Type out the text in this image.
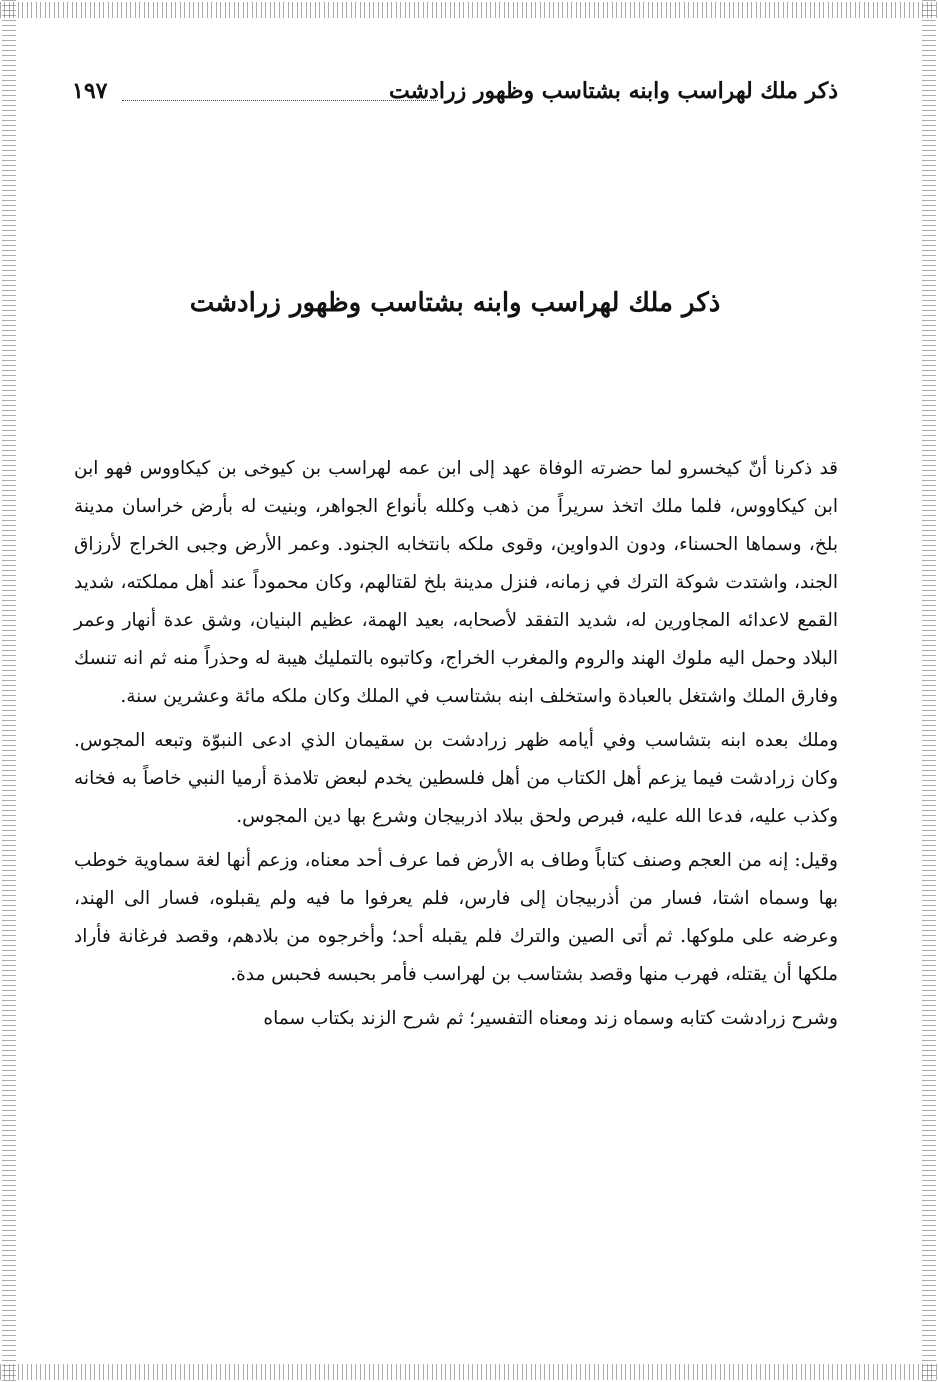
ذكر ملك لهراسب وابنه بشتاسب وظهور زرادشت
١٩٧
ذكر ملك لهراسب وابنه بشتاسب وظهور زرادشت

قد ذكرنا أنّ كيخسرو لما حضرته الوفاة عهد إلى ابن عمه لهراسب بن كيوخى بن كيكاووس فهو ابن ابن كيكاووس، فلما ملك اتخذ سريراً من ذهب وكلله بأنواع الجواهر، وبنيت له بأرض خراسان مدينة بلخ، وسماها الحسناء، ودون الدواوين، وقوى ملكه بانتخابه الجنود. وعمر الأرض وجبى الخراج لأرزاق الجند، واشتدت شوكة الترك في زمانه، فنزل مدينة بلخ لقتالهم، وكان محموداً عند أهل مملكته، شديد القمع لاعدائه المجاورين له، شديد التفقد لأصحابه، بعيد الهمة، عظيم البنيان، وشق عدة أنهار وعمر البلاد وحمل اليه ملوك الهند والروم والمغرب الخراج، وكاتبوه بالتمليك هيبة له وحذراً منه ثم انه تنسك وفارق الملك واشتغل بالعبادة واستخلف ابنه بشتاسب في الملك وكان ملكه مائة وعشرين سنة.

وملك بعده ابنه بتشاسب وفي أيامه ظهر زرادشت بن سقيمان الذي ادعى النبوّة وتبعه المجوس. وكان زرادشت فيما يزعم أهل الكتاب من أهل فلسطين يخدم لبعض تلامذة أرميا النبي خاصاً به فخانه وكذب عليه، فدعا الله عليه، فبرص ولحق ببلاد اذربيجان وشرع بها دين المجوس.

وقيل: إنه من العجم وصنف كتاباً وطاف به الأرض فما عرف أحد معناه، وزعم أنها لغة سماوية خوطب بها وسماه اشتا، فسار من أذربيجان إلى فارس، فلم يعرفوا ما فيه ولم يقبلوه، فسار الى الهند، وعرضه على ملوكها. ثم أتى الصين والترك فلم يقبله أحد؛ وأخرجوه من بلادهم، وقصد فرغانة فأراد ملكها أن يقتله، فهرب منها وقصد بشتاسب بن لهراسب فأمر بحبسه فحبس مدة.

وشرح زرادشت كتابه وسماه زند ومعناه التفسير؛ ثم شرح الزند بكتاب سماه
